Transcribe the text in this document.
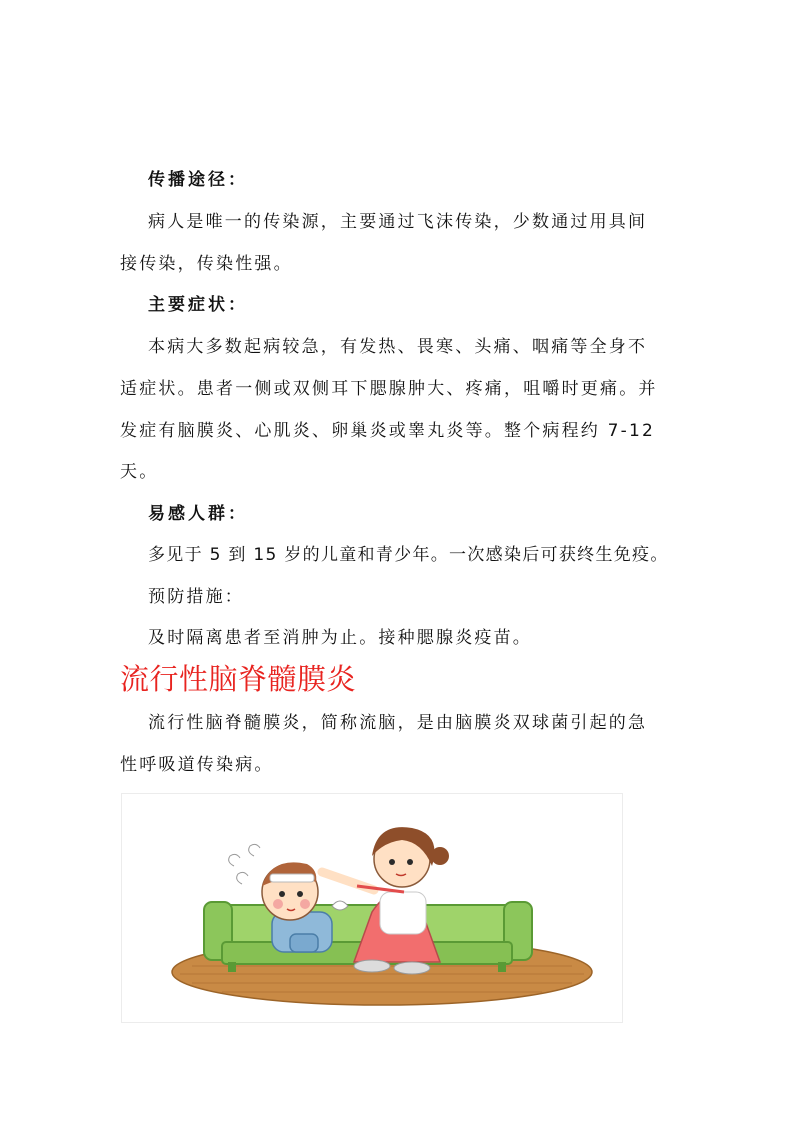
传播途径：
病人是唯一的传染源，主要通过飞沫传染，少数通过用具间
接传染，传染性强。
主要症状：
本病大多数起病较急，有发热、畏寒、头痛、咽痛等全身不
适症状。患者一侧或双侧耳下腮腺肿大、疼痛，咀嚼时更痛。并
发症有脑膜炎、心肌炎、卵巢炎或睾丸炎等。整个病程约 7-12
天。
易感人群：
多见于 5 到 15 岁的儿童和青少年。一次感染后可获终生免疫。
预防措施：
及时隔离患者至消肿为止。接种腮腺炎疫苗。
流行性脑脊髓膜炎
流行性脑脊髓膜炎，简称流脑，是由脑膜炎双球菌引起的急
性呼吸道传染病。
